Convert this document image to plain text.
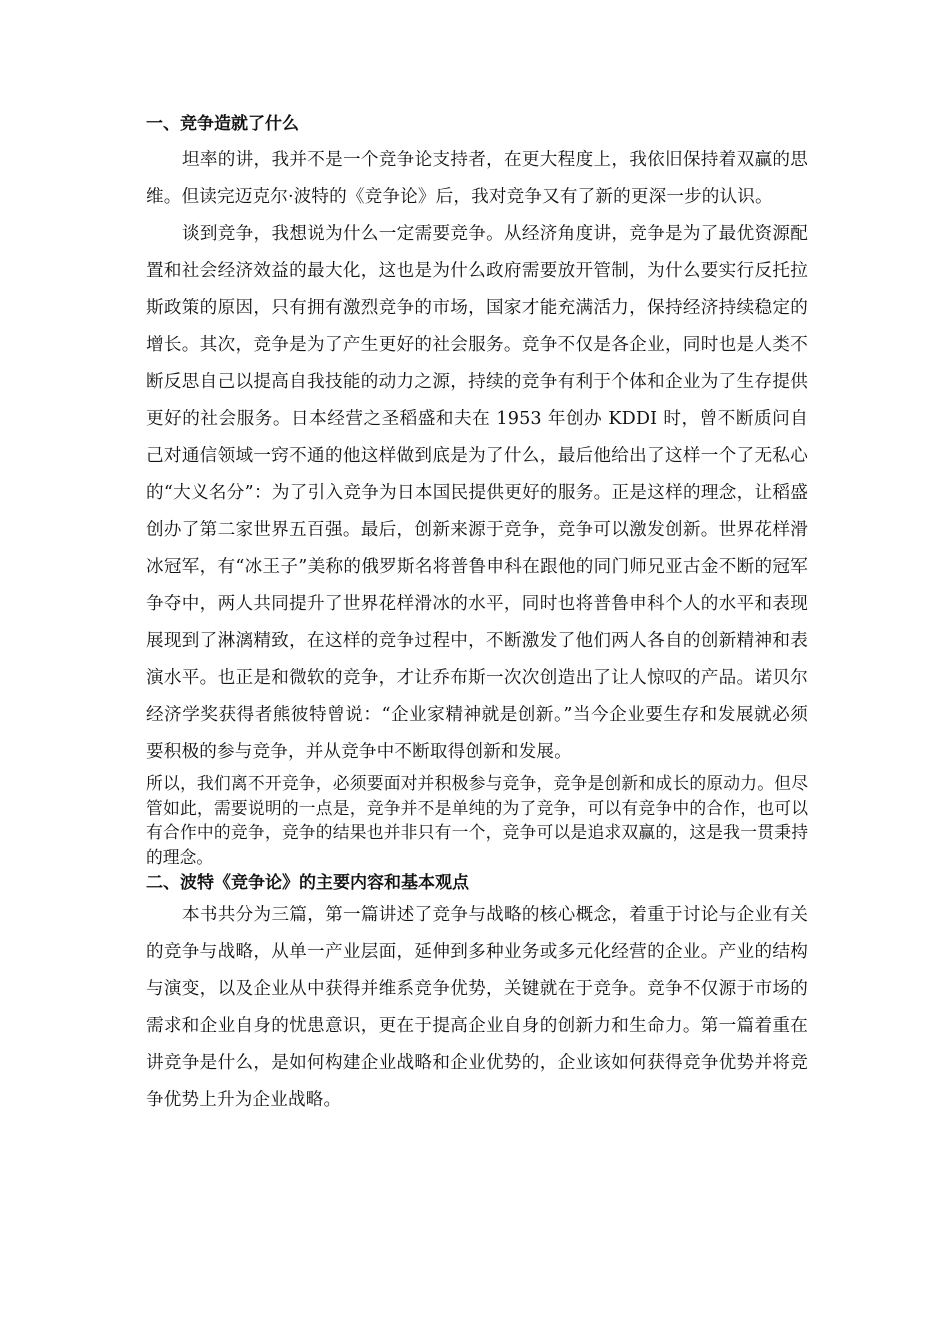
一、竞争造就了什么

坦率的讲，我并不是一个竞争论支持者，在更大程度上，我依旧保持着双赢的思维。但读完迈克尔·波特的《竞争论》后，我对竞争又有了新的更深一步的认识。

谈到竞争，我想说为什么一定需要竞争。从经济角度讲，竞争是为了最优资源配置和社会经济效益的最大化，这也是为什么政府需要放开管制，为什么要实行反托拉斯政策的原因，只有拥有激烈竞争的市场，国家才能充满活力，保持经济持续稳定的增长。其次，竞争是为了产生更好的社会服务。竞争不仅是各企业，同时也是人类不断反思自己以提高自我技能的动力之源，持续的竞争有利于个体和企业为了生存提供更好的社会服务。日本经营之圣稻盛和夫在 1953 年创办 KDDI 时，曾不断质问自己对通信领域一窍不通的他这样做到底是为了什么，最后他给出了这样一个了无私心的“大义名分”：为了引入竞争为日本国民提供更好的服务。正是这样的理念，让稻盛创办了第二家世界五百强。最后，创新来源于竞争，竞争可以激发创新。世界花样滑冰冠军，有“冰王子”美称的俄罗斯名将普鲁申科在跟他的同门师兄亚古金不断的冠军争夺中，两人共同提升了世界花样滑冰的水平，同时也将普鲁申科个人的水平和表现展现到了淋漓精致，在这样的竞争过程中，不断激发了他们两人各自的创新精神和表演水平。也正是和微软的竞争，才让乔布斯一次次创造出了让人惊叹的产品。诺贝尔经济学奖获得者熊彼特曾说：“企业家精神就是创新。”当今企业要生存和发展就必须要积极的参与竞争，并从竞争中不断取得创新和发展。

所以，我们离不开竞争，必须要面对并积极参与竞争，竞争是创新和成长的原动力。但尽管如此，需要说明的一点是，竞争并不是单纯的为了竞争，可以有竞争中的合作，也可以有合作中的竞争，竞争的结果也并非只有一个，竞争可以是追求双赢的，这是我一贯秉持的理念。

二、波特《竞争论》的主要内容和基本观点

本书共分为三篇，第一篇讲述了竞争与战略的核心概念，着重于讨论与企业有关的竞争与战略，从单一产业层面，延伸到多种业务或多元化经营的企业。产业的结构与演变，以及企业从中获得并维系竞争优势，关键就在于竞争。竞争不仅源于市场的需求和企业自身的忧患意识，更在于提高企业自身的创新力和生命力。第一篇着重在讲竞争是什么，是如何构建企业战略和企业优势的，企业该如何获得竞争优势并将竞争优势上升为企业战略。
